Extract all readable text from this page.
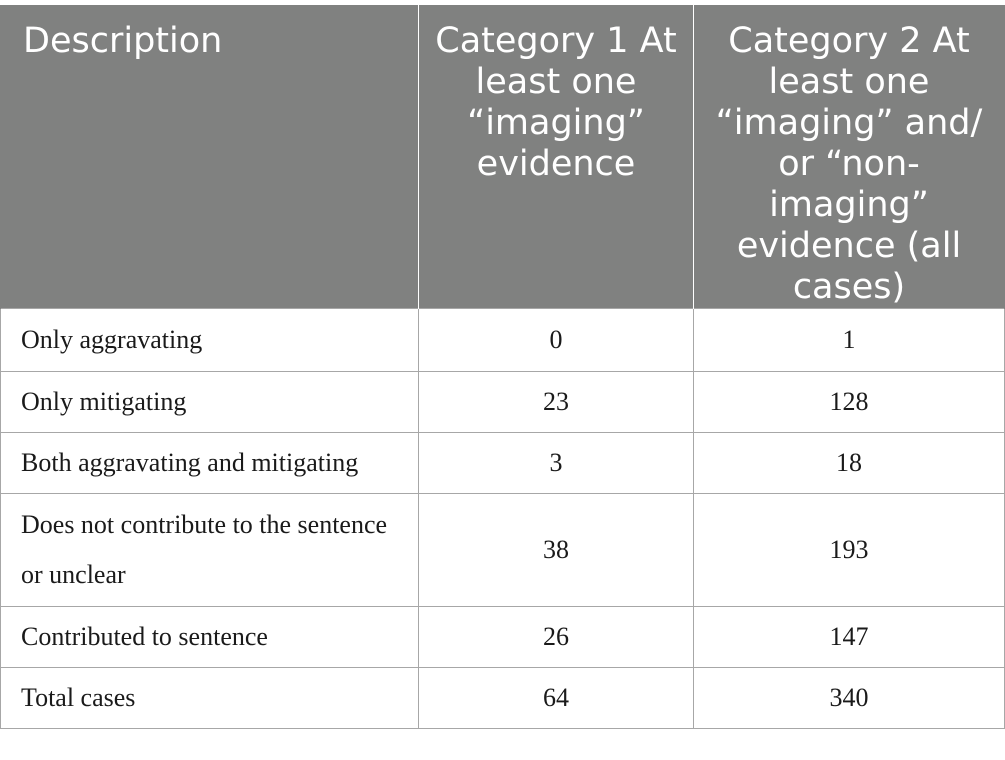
Description	Category 1 At least one “imaging” evidence	Category 2 At least one “imaging” and/ or “non-imaging” evidence (all cases)
Only aggravating	0	1
Only mitigating	23	128
Both aggravating and mitigating	3	18
Does not contribute to the sentence or unclear	38	193
Contributed to sentence	26	147
Total cases	64	340
